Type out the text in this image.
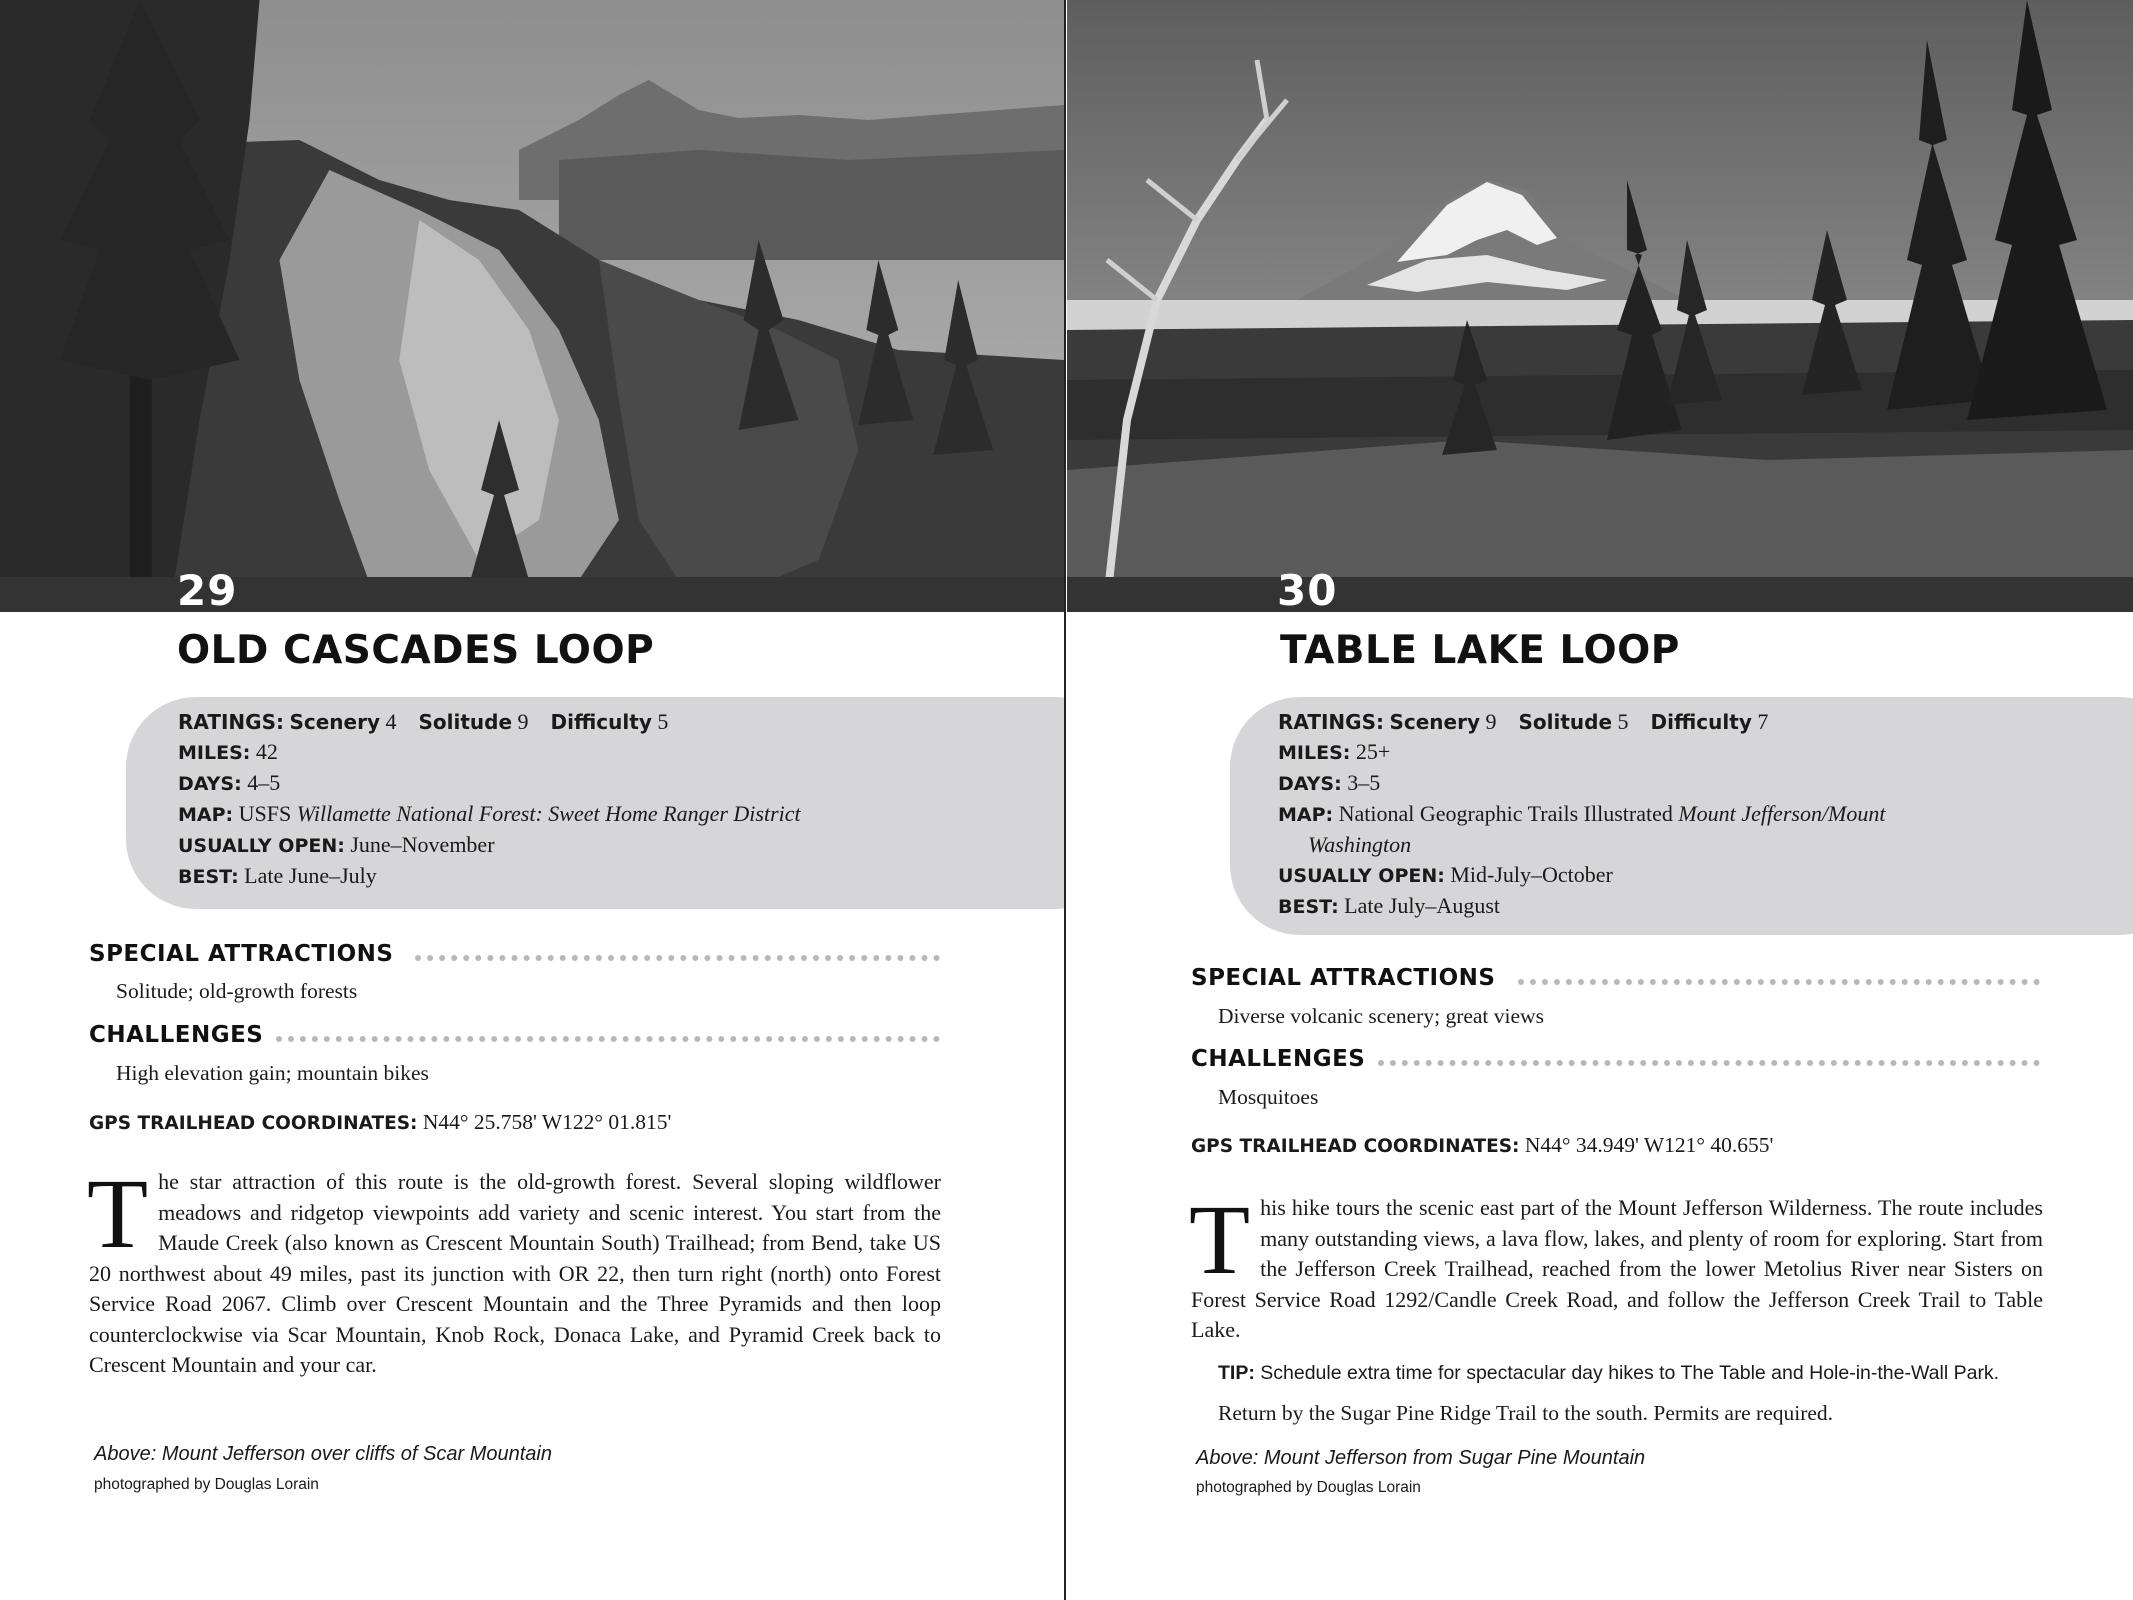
29
OLD CASCADES LOOP
RATINGS: Scenery 4 Solitude 9 Difficulty 5
MILES: 42
DAYS: 4–5
MAP: USFS Willamette National Forest: Sweet Home Ranger District
USUALLY OPEN: June–November
BEST: Late June–July
SPECIAL ATTRACTIONS
Solitude; old-growth forests
CHALLENGES
High elevation gain; mountain bikes
GPS TRAILHEAD COORDINATES: N44° 25.758' W122° 01.815'
The star attraction of this route is the old-growth forest. Several sloping wildflower meadows and ridgetop viewpoints add variety and scenic interest. You start from the Maude Creek (also known as Crescent Mountain South) Trailhead; from Bend, take US 20 northwest about 49 miles, past its junction with OR 22, then turn right (north) onto Forest Service Road 2067. Climb over Crescent Mountain and the Three Pyramids and then loop counterclockwise via Scar Mountain, Knob Rock, Donaca Lake, and Pyramid Creek back to Crescent Mountain and your car.
Above: Mount Jefferson over cliffs of Scar Mountain
photographed by Douglas Lorain
30
TABLE LAKE LOOP
RATINGS: Scenery 9 Solitude 5 Difficulty 7
MILES: 25+
DAYS: 3–5
MAP: National Geographic Trails Illustrated Mount Jefferson/Mount
Washington
USUALLY OPEN: Mid-July–October
BEST: Late July–August
SPECIAL ATTRACTIONS
Diverse volcanic scenery; great views
CHALLENGES
Mosquitoes
GPS TRAILHEAD COORDINATES: N44° 34.949' W121° 40.655'
This hike tours the scenic east part of the Mount Jefferson Wilderness. The route includes many outstanding views, a lava flow, lakes, and plenty of room for exploring. Start from the Jefferson Creek Trailhead, reached from the lower Metolius River near Sisters on Forest Service Road 1292/Candle Creek Road, and follow the Jefferson Creek Trail to Table Lake.
TIP: Schedule extra time for spectacular day hikes to The Table and Hole-in-the-Wall Park.
Return by the Sugar Pine Ridge Trail to the south. Permits are required.
Above: Mount Jefferson from Sugar Pine Mountain
photographed by Douglas Lorain
